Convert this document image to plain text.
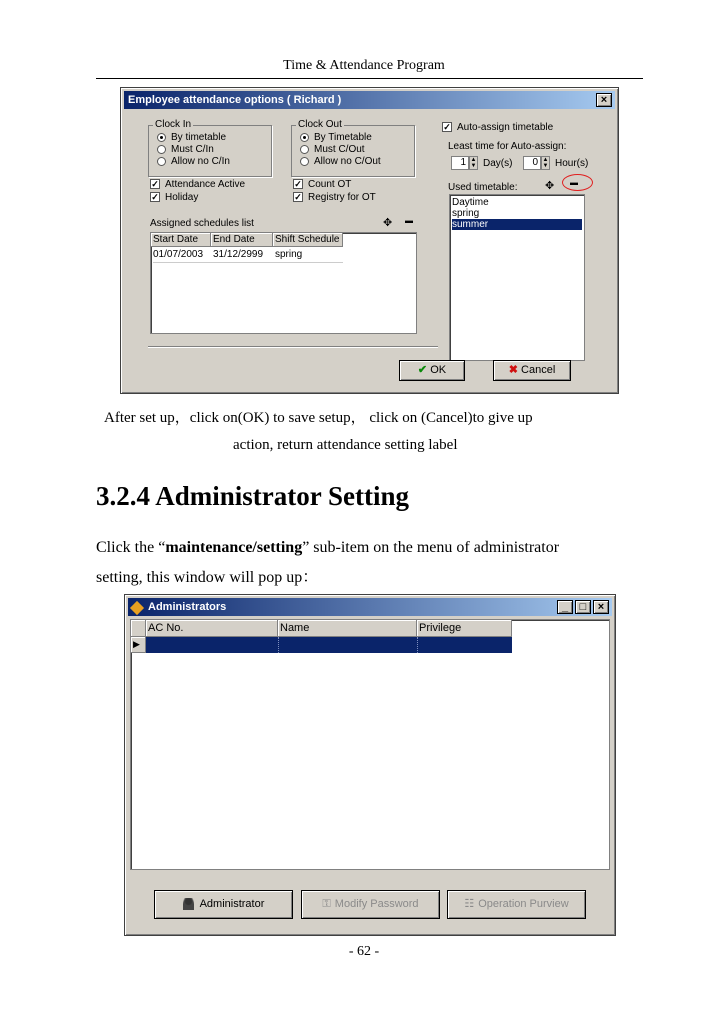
Time & Attendance Program
Employee attendance options ( Richard )	×
Clock In
By timetable
Must C/In
Allow no C/In
Clock Out
By Timetable
Must C/Out
Allow no C/Out
✓ Attendance Active
✓ Holiday
✓ Count OT
✓ Registry for OT
Assigned schedules list	✥ ▬
Start Date	End Date	Shift Schedule
01/07/2003 31/12/2999 spring
✓ Auto-assign timetable
Least time for Auto-assign:
1 ▲
▼ Day(s)	0 ▲
▼ Hour(s)
Used timetable:	✥ ▬
Daytime
spring
summer
✔ OK	✖ Cancel
After set up，click on(OK) to save setup， click on (Cancel)to give up
action, return attendance setting label
3.2.4 Administrator Setting
Click the “maintenance/setting” sub-item on the menu of administrator
setting, this window will pop up：
Administrators	_	□	×
AC No.	Name	Privilege
▶
Administrator	⚿ Modify Password	☷ Operation Purview
- 62 -
